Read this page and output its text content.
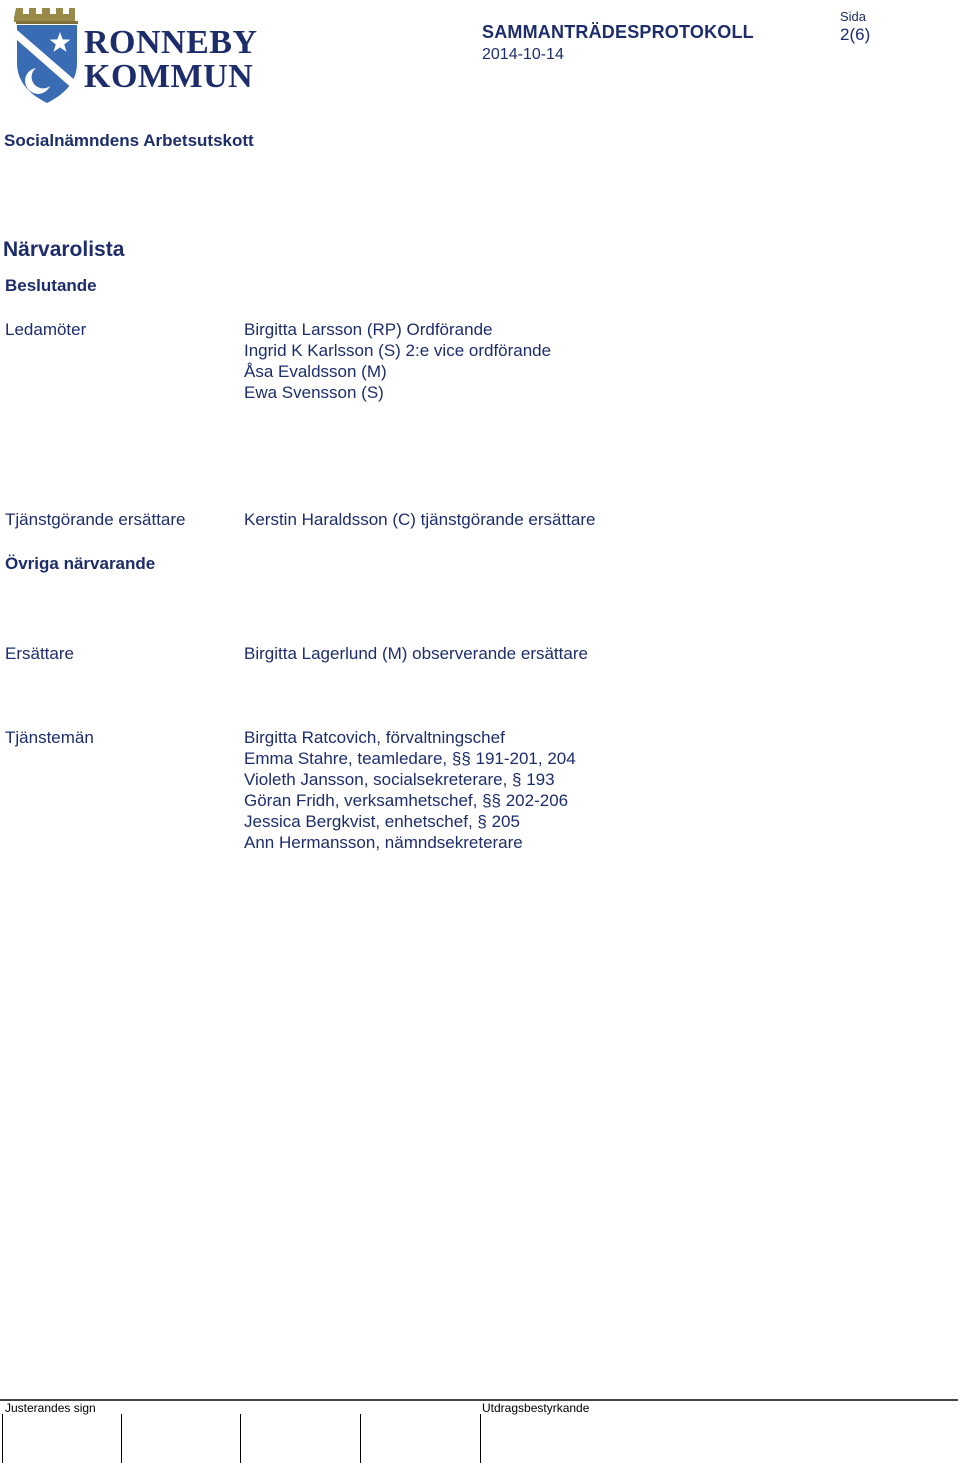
RONNEBY
KOMMUN
SAMMANTRÄDESPROTOKOLL
2014-10-14
Sida
2(6)
Socialnämndens Arbetsutskott
Närvarolista
Beslutande
Ledamöter	Birgitta Larsson (RP) Ordförande
Ingrid K Karlsson (S) 2:e vice ordförande
Åsa Evaldsson (M)
Ewa Svensson (S)
Tjänstgörande ersättare	Kerstin Haraldsson (C) tjänstgörande ersättare
Övriga närvarande
Ersättare	Birgitta Lagerlund (M) observerande ersättare
Tjänstemän	Birgitta Ratcovich, förvaltningschef
Emma Stahre, teamledare, §§ 191-201, 204
Violeth Jansson, socialsekreterare, § 193
Göran Fridh, verksamhetschef, §§ 202-206
Jessica Bergkvist, enhetschef, § 205
Ann Hermansson, nämndsekreterare
Justerandes sign	Utdragsbestyrkande
